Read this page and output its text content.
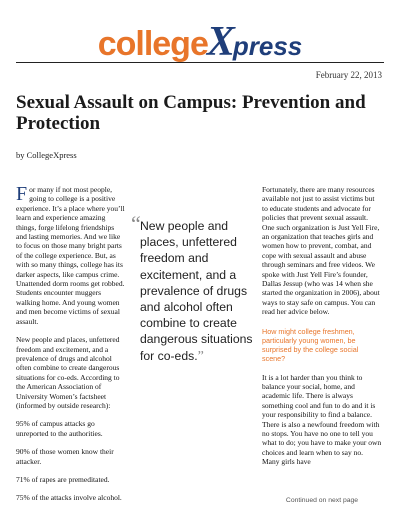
collegeXpress
February 22, 2013
Sexual Assault on Campus: Prevention and Protection
by CollegeXpress

For many if not most people, going to college is a positive experience. It’s a place where you’ll learn and experience amazing things, forge lifelong friendships and lasting memories. And we like to focus on those many bright parts of the college experience. But, as with so many things, college has its darker aspects, like campus crime. Unattended dorm rooms get robbed. Students encounter muggers walking home. And young women and men become victims of sexual assault.

New people and places, unfettered freedom and excitement, and a prevalence of drugs and alcohol often combine to create dangerous situations for co-eds. According to the American Association of University Women’s factsheet (informed by outside research):

95% of campus attacks go unreported to the authorities.

90% of those women know their attacker.

71% of rapes are premeditated.

75% of the attacks involve alcohol.

“ New people and places, unfettered freedom and excitement, and a prevalence of drugs and alcohol often combine to create dangerous situations for co-eds.”

Fortunately, there are many resources available not just to assist victims but to educate students and advocate for policies that prevent sexual assault. One such organization is Just Yell Fire, an organization that teaches girls and women how to prevent, combat, and cope with sexual assault and abuse through seminars and free videos. We spoke with Just Yell Fire’s founder, Dallas Jessup (who was 14 when she started the organization in 2006), about ways to stay safe on campus. You can read her advice below.

How might college freshmen, particularly young women, be surprised by the college social scene?

It is a lot harder than you think to balance your social, home, and academic life. There is always something cool and fun to do and it is your responsibility to find a balance. There is also a newfound freedom with no stops. You have no one to tell you what to do; you have to make your own choices and learn when to say no. Many girls have

Continued on next page
